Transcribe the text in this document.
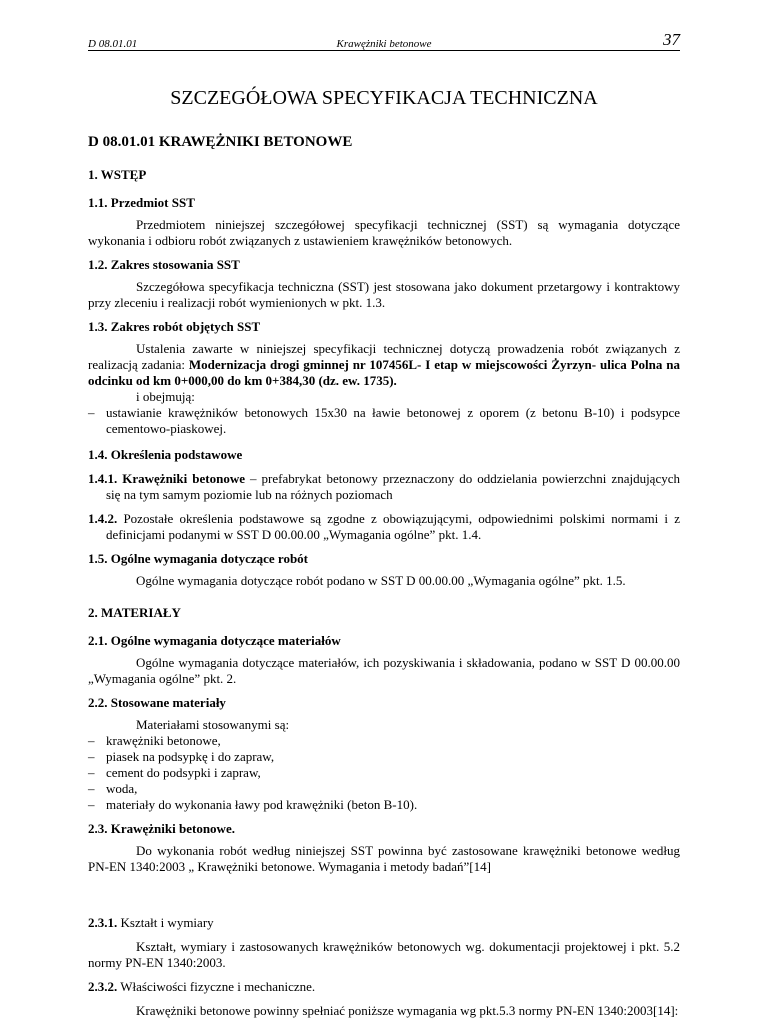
D 08.01.01	Krawężniki betonowe	37
SZCZEGÓŁOWA SPECYFIKACJA TECHNICZNA

D 08.01.01 KRAWĘŻNIKI BETONOWE

1. WSTĘP

1.1. Przedmiot SST

Przedmiotem niniejszej szczegółowej specyfikacji technicznej (SST) są wymagania dotyczące wykonania i odbioru robót związanych z ustawieniem krawężników betonowych.

1.2. Zakres stosowania SST

Szczegółowa specyfikacja techniczna (SST) jest stosowana jako dokument przetargowy i kontraktowy przy zleceniu i realizacji robót wymienionych w pkt. 1.3.

1.3. Zakres robót objętych SST

Ustalenia zawarte w niniejszej specyfikacji technicznej dotyczą prowadzenia robót związanych z realizacją zadania: Modernizacja drogi gminnej nr 107456L- I etap w miejscowości Żyrzyn- ulica Polna na odcinku od km 0+000,00 do km 0+384,30 (dz. ew. 1735).

i obejmują:

– ustawianie krawężników betonowych 15x30 na ławie betonowej z oporem (z betonu B-10) i podsypce cementowo-piaskowej.

1.4. Określenia podstawowe

1.4.1. Krawężniki betonowe – prefabrykat betonowy przeznaczony do oddzielania powierzchni znajdujących się na tym samym poziomie lub na różnych poziomach

1.4.2. Pozostałe określenia podstawowe są zgodne z obowiązującymi, odpowiednimi polskimi normami i z definicjami podanymi w SST D 00.00.00 „Wymagania ogólne” pkt. 1.4.

1.5. Ogólne wymagania dotyczące robót

Ogólne wymagania dotyczące robót podano w SST D 00.00.00 „Wymagania ogólne” pkt. 1.5.

2. MATERIAŁY

2.1. Ogólne wymagania dotyczące materiałów

Ogólne wymagania dotyczące materiałów, ich pozyskiwania i składowania, podano w SST D 00.00.00 „Wymagania ogólne” pkt. 2.

2.2. Stosowane materiały

Materiałami stosowanymi są:

– krawężniki betonowe,

– piasek na podsypkę i do zapraw,

– cement do podsypki i zapraw,

– woda,

– materiały do wykonania ławy pod krawężniki (beton B-10).

2.3. Krawężniki betonowe.

Do wykonania robót według niniejszej SST powinna być zastosowane krawężniki betonowe według PN-EN 1340:2003 „ Krawężniki betonowe. Wymagania i metody badań”[14]

2.3.1. Kształt i wymiary

Kształt, wymiary i zastosowanych krawężników betonowych wg. dokumentacji projektowej i pkt. 5.2 normy PN-EN 1340:2003.

2.3.2. Właściwości fizyczne i mechaniczne.

Krawężniki betonowe powinny spełniać poniższe wymagania wg pkt.5.3 normy PN-EN 1340:2003[14]:
